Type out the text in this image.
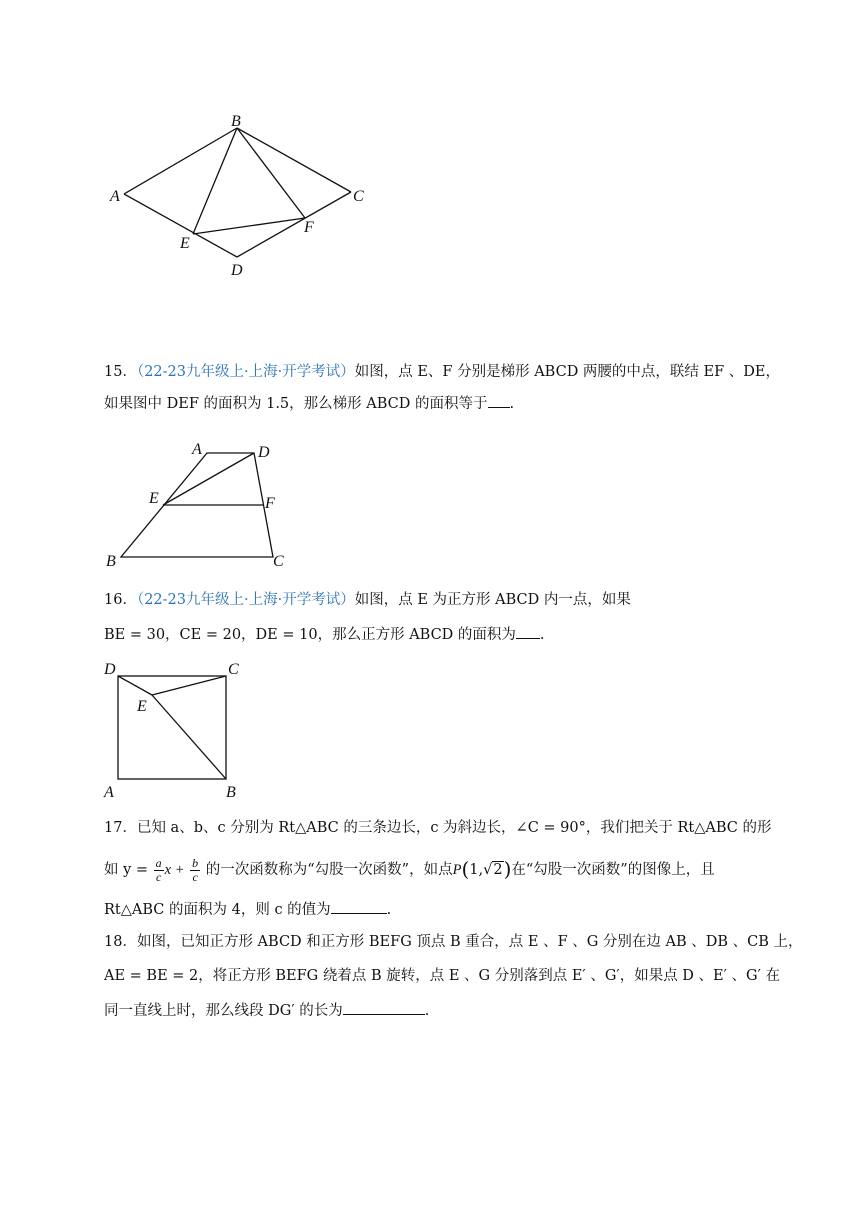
B
A	C
E
F
D
15．（22-23九年级上·上海·开学考试）如图，点 E、F 分别是梯形 ABCD 两腰的中点，联结 EF 、DE，
如果图中 DEF 的面积为 1.5，那么梯形 ABCD 的面积等于 .
A	D
E	F
B	C
16．（22-23九年级上·上海·开学考试）如图，点 E 为正方形 ABCD 内一点，如果
BE = 30，CE = 20，DE = 10，那么正方形 ABCD 的面积为 .
D	C
E
A	B
17．已知 a、b、c 分别为 Rt△ABC 的三条边长，c 为斜边长，∠C = 90°，我们把关于 Rt△ABC 的形
如 $y = \frac{a}{c}$ $x + \frac{b}{c}$ 的一次函数称为“勾股一次函数”，如点P(1,√2)在“勾股一次函数”的图像上，且
Rt△ABC 的面积为 4，则 c 的值为	.
18．如图，已知正方形 ABCD 和正方形 BEFG 顶点 B 重合，点 E 、F 、G 分别在边 AB 、DB 、CB 上，
AE = BE = 2，将正方形 BEFG 绕着点 B 旋转，点 E 、G 分别落到点 E′ 、G′，如果点 D 、E′ 、G′ 在
同一直线上时，那么线段 DG′ 的长为	.
